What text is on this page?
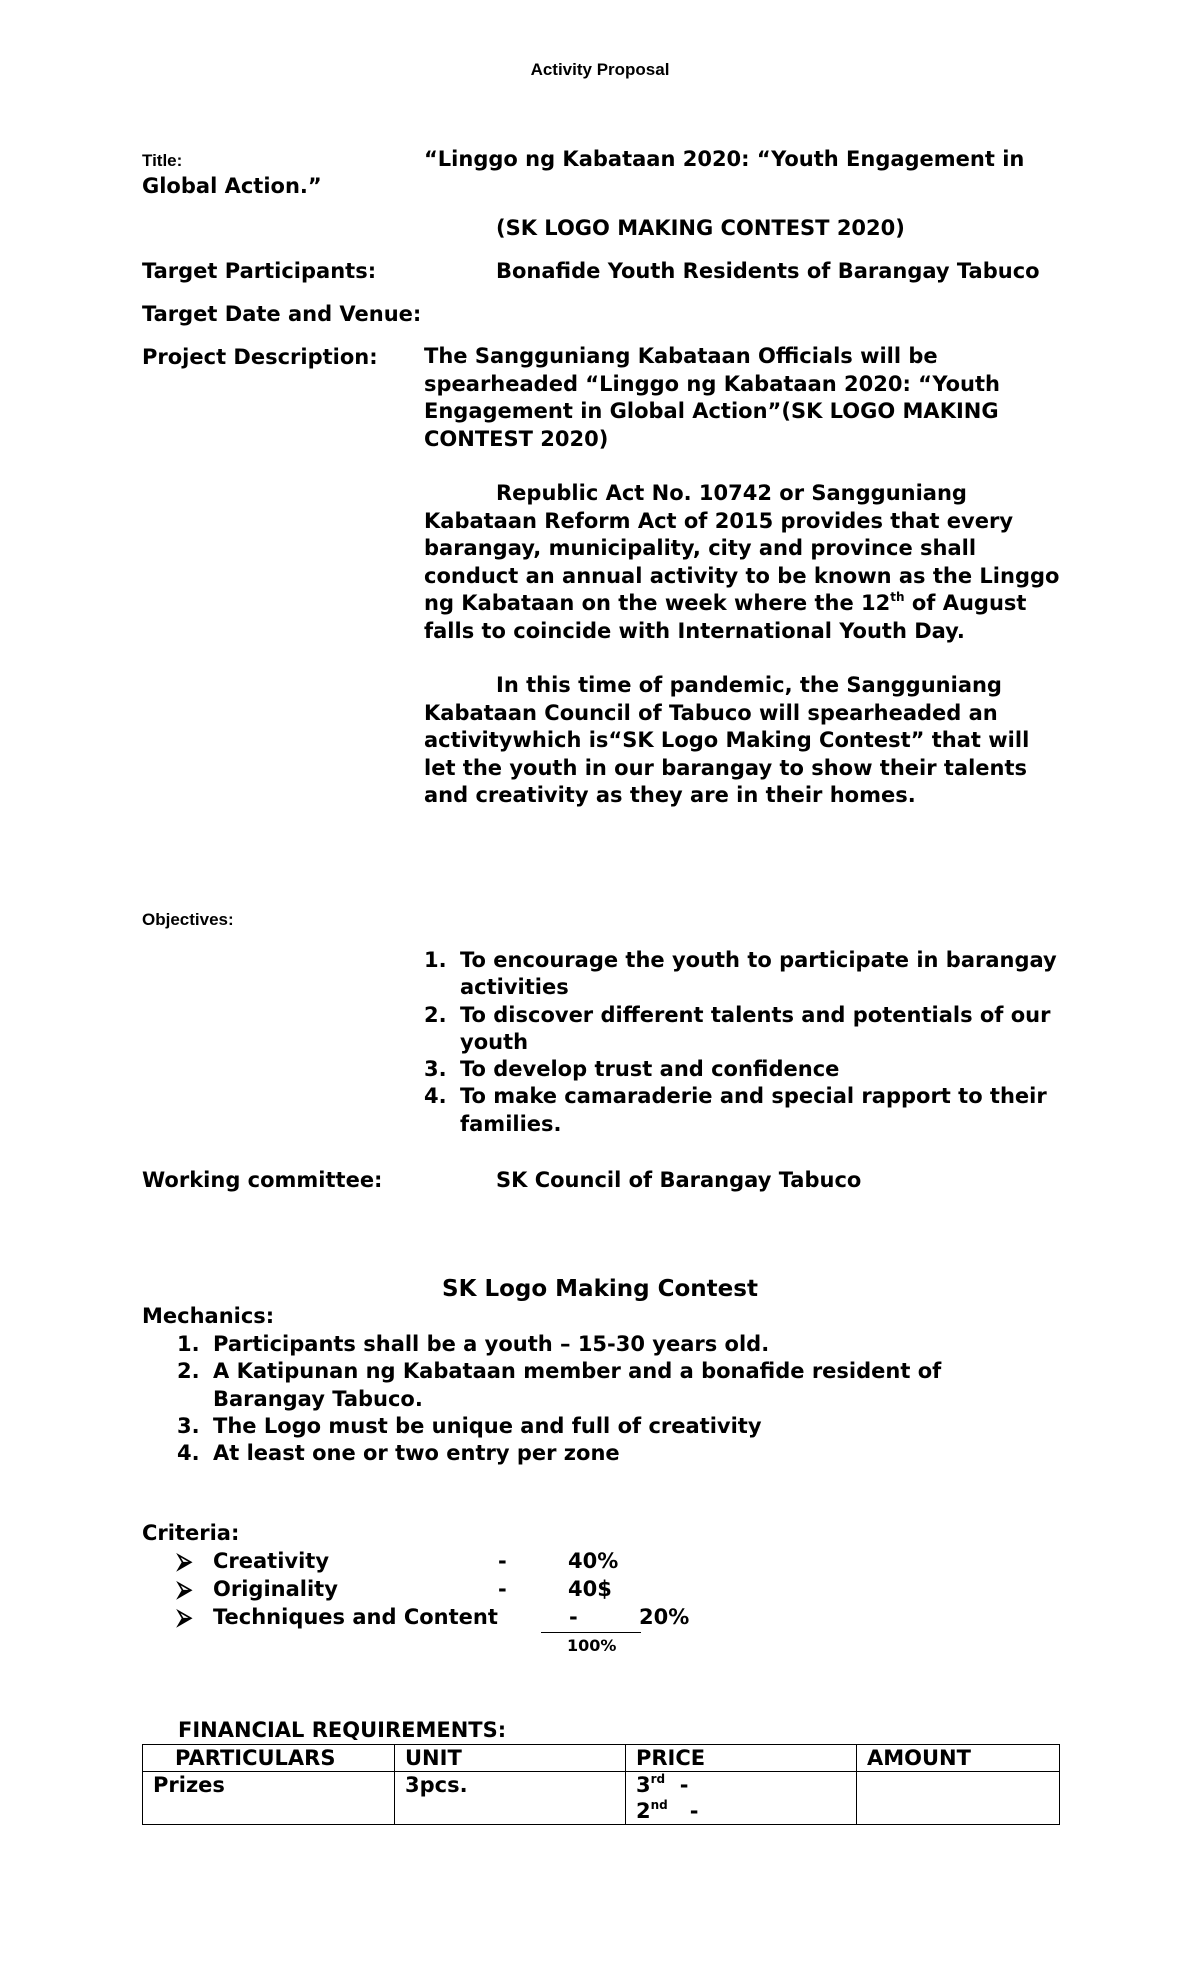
Activity Proposal
Title:	“Linggo ng Kabataan 2020: “Youth Engagement in
Global Action.”
(SK LOGO MAKING CONTEST 2020)
Target Participants:	Bonafide Youth Residents of Barangay Tabuco
Target Date and Venue:
Project Description: The Sangguniang Kabataan Officials will be spearheaded “Linggo ng Kabataan 2020: “Youth Engagement in Global Action”(SK LOGO MAKING CONTEST 2020)

Republic Act No. 10742 or Sangguniang Kabataan Reform Act of 2015 provides that every barangay, municipality, city and province shall conduct an annual activity to be known as the Linggo ng Kabataan on the week where the 12th of August falls to coincide with International Youth Day.

In this time of pandemic, the Sangguniang Kabataan Council of Tabuco will spearheaded an activitywhich is“SK Logo Making Contest” that will let the youth in our barangay to show their talents and creativity as they are in their homes.

Objectives:
To encourage the youth to participate in barangay activities
To discover different talents and potentials of our youth
To develop trust and confidence
To make camaraderie and special rapport to their families.
Working committee:	SK Council of Barangay Tabuco
SK Logo Making Contest
Mechanics:
Participants shall be a youth – 15-30 years old.
A Katipunan ng Kabataan member and a bonafide resident of Barangay Tabuco.
The Logo must be unique and full of creativity
At least one or two entry per zone
Criteria:
⮚ Creativity	-	40%
⮚ Originality	-	40$
⮚ Techniques and Content	-	20%
100%
FINANCIAL REQUIREMENTS:
PARTICULARS	UNIT	PRICE	AMOUNT
Prizes	3pcs.	3rd -
2nd -	
